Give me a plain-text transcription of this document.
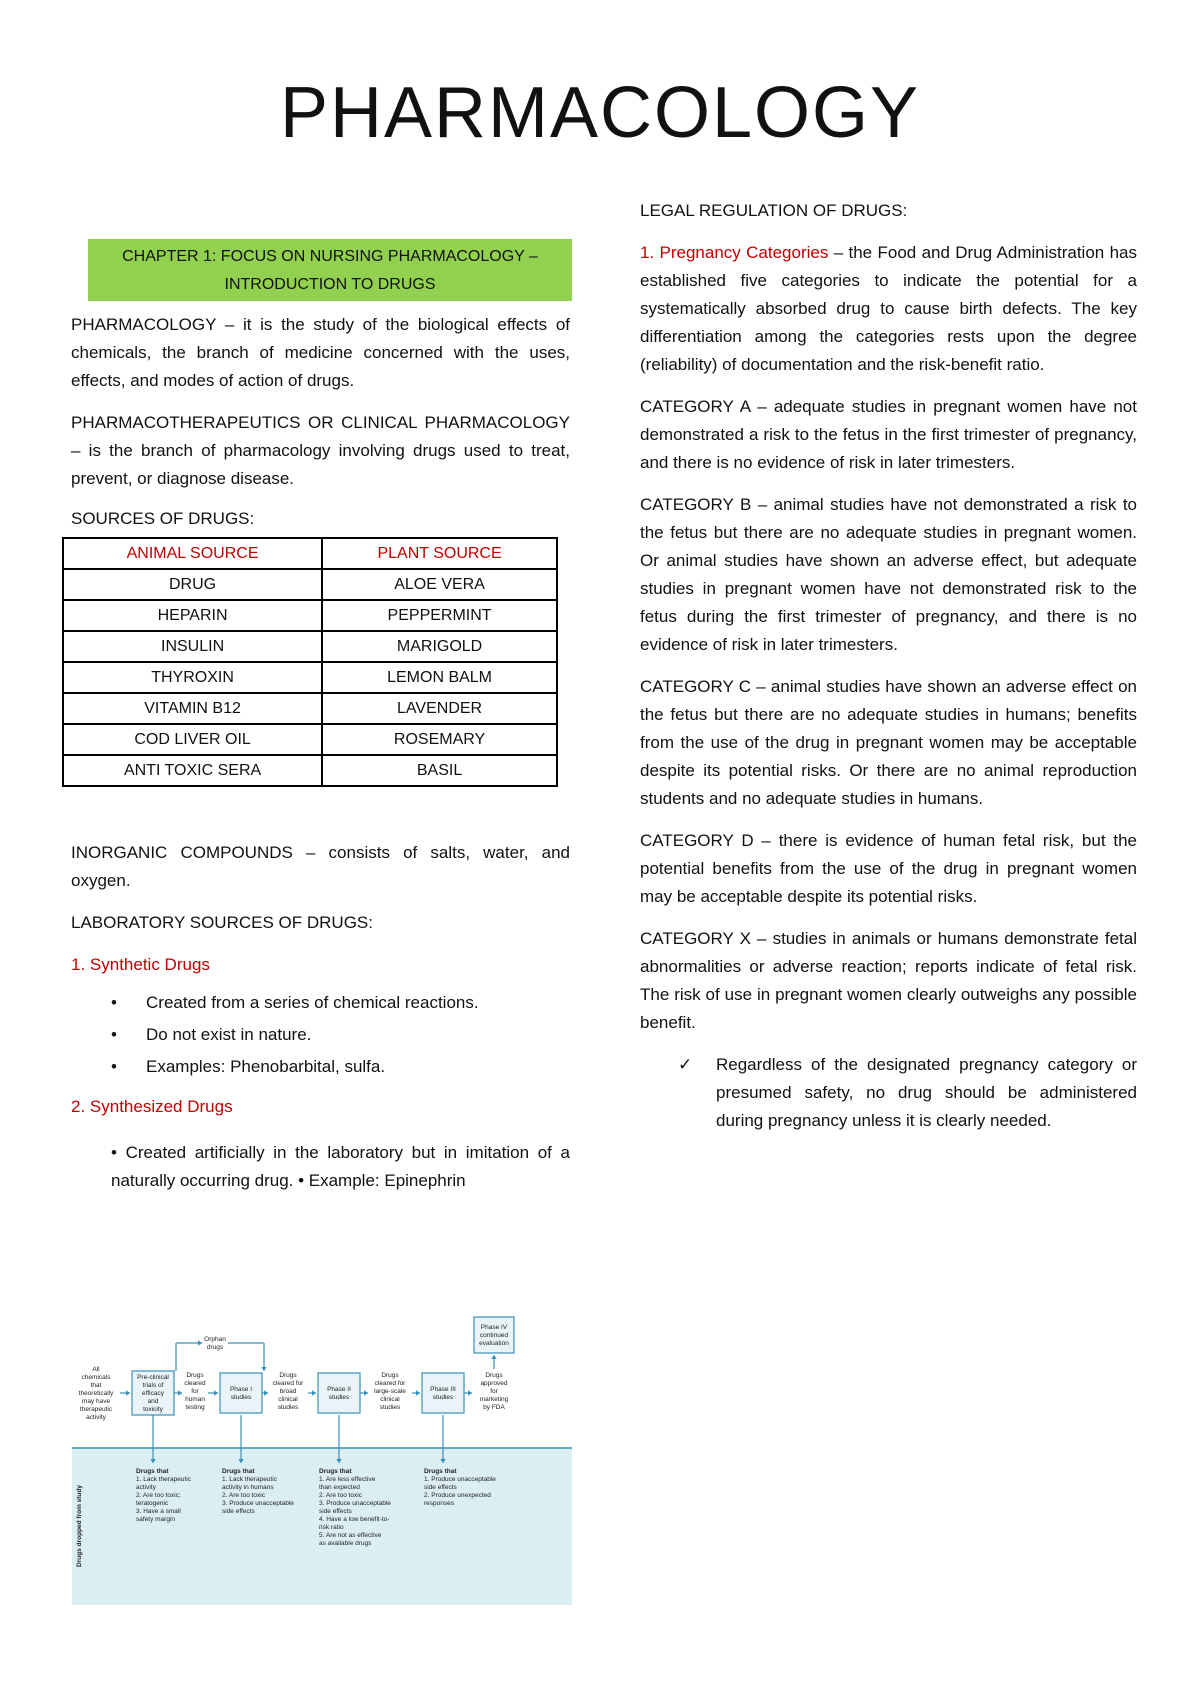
PHARMACOLOGY
CHAPTER 1: FOCUS ON NURSING PHARMACOLOGY – INTRODUCTION TO DRUGS

PHARMACOLOGY – it is the study of the biological effects of chemicals, the branch of medicine concerned with the uses, effects, and modes of action of drugs.

PHARMACOTHERAPEUTICS OR CLINICAL PHARMACOLOGY – is the branch of pharmacology involving drugs used to treat, prevent, or diagnose disease.

SOURCES OF DRUGS:

ANIMAL SOURCE	PLANT SOURCE
DRUG	ALOE VERA
HEPARIN	PEPPERMINT
INSULIN	MARIGOLD
THYROXIN	LEMON BALM
VITAMIN B12	LAVENDER
COD LIVER OIL	ROSEMARY
ANTI TOXIC SERA	BASIL

INORGANIC COMPOUNDS – consists of salts, water, and oxygen.

LABORATORY SOURCES OF DRUGS:

1. Synthetic Drugs

• Created from a series of chemical reactions.
• Do not exist in nature.
• Examples: Phenobarbital, sulfa.

2. Synthesized Drugs

• Created artificially in the laboratory but in imitation of a naturally occurring drug. • Example: Epinephrin

All
chemicals
that
theoretically
may have
therapeutic
activity
Pre-clinical
trials of
efficacy
and
toxicity
Drugs
cleared
for
human
testing
Phase I
studies
Drugs
cleared for
broad
clinical
studies
Phase II
studies
Drugs
cleared for
large-scale
clinical
studies
Phase III
studies
Drugs
approved
for
marketing
by FDA
Orphan
drugs
Phase IV
continued
evaluation
Drugs dropped from study
Drugs that
1. Lack therapeutic
activity
2. Are too toxic;
teratogenic
3. Have a small
safety margin
Drugs that
1. Lack therapeutic
activity in humans
2. Are too toxic
3. Produce unacceptable
side effects
Drugs that
1. Are less effective
than expected
2. Are too toxic
3. Produce unacceptable
side effects
4. Have a low benefit-to-
risk ratio
5. Are not as effective
as available drugs
Drugs that
1. Produce unacceptable
side effects
2. Produce unexpected
responses

LEGAL REGULATION OF DRUGS:

1. Pregnancy Categories – the Food and Drug Administration has established five categories to indicate the potential for a systematically absorbed drug to cause birth defects. The key differentiation among the categories rests upon the degree (reliability) of documentation and the risk-benefit ratio.

CATEGORY A – adequate studies in pregnant women have not demonstrated a risk to the fetus in the first trimester of pregnancy, and there is no evidence of risk in later trimesters.

CATEGORY B – animal studies have not demonstrated a risk to the fetus but there are no adequate studies in pregnant women. Or animal studies have shown an adverse effect, but adequate studies in pregnant women have not demonstrated risk to the fetus during the first trimester of pregnancy, and there is no evidence of risk in later trimesters.

CATEGORY C – animal studies have shown an adverse effect on the fetus but there are no adequate studies in humans; benefits from the use of the drug in pregnant women may be acceptable despite its potential risks. Or there are no animal reproduction students and no adequate studies in humans.

CATEGORY D – there is evidence of human fetal risk, but the potential benefits from the use of the drug in pregnant women may be acceptable despite its potential risks.

CATEGORY X – studies in animals or humans demonstrate fetal abnormalities or adverse reaction; reports indicate of fetal risk. The risk of use in pregnant women clearly outweighs any possible benefit.

✓ Regardless of the designated pregnancy category or presumed safety, no drug should be administered during pregnancy unless it is clearly needed.
